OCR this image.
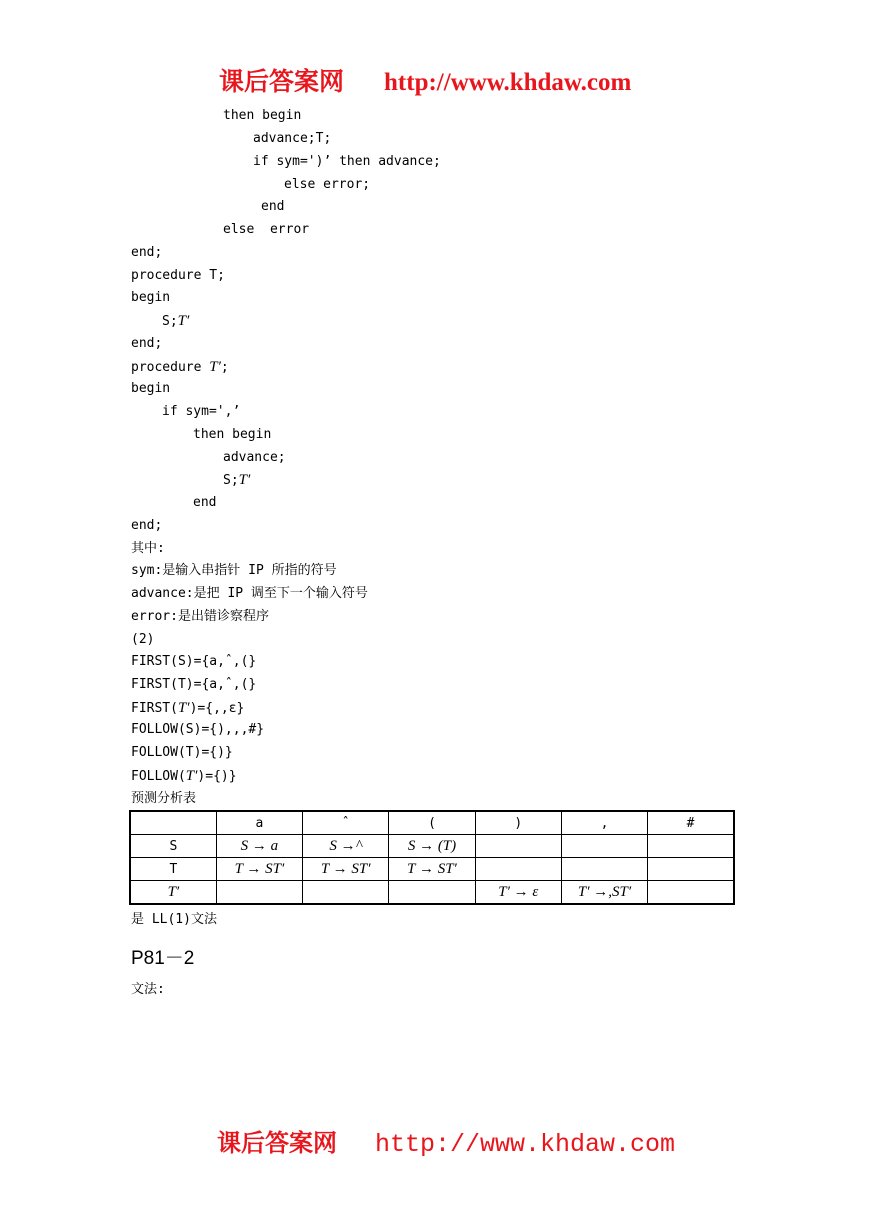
课后答案网 http://www.khdaw.com
then begin
advance;T;
if sym=')’ then advance;
else error;
end
else  error
end;
procedure T;
begin
S;T′
end;
procedure T′;
begin
if sym=',’
then begin
advance;
S;T′
end
end;
其中:
sym:是输入串指针 IP 所指的符号
advance:是把 IP 调至下一个输入符号
error:是出错诊察程序
(2)
FIRST(S)={a,ˆ,(}
FIRST(T)={a,ˆ,(}
FIRST(T′)={,,ε}
FOLLOW(S)={),,,#}
FOLLOW(T)={)}
FOLLOW(T′)={)}
预测分析表
	a	ˆ	(	)	,	#
S	S → a	S →^	S → (T)			
T	T → ST′	T → ST′	T → ST′			
T′				T′ → ε	T′ →,ST′	
是 LL(1)文法
P81－2
文法:
课后答案网 http://www.khdaw.com
